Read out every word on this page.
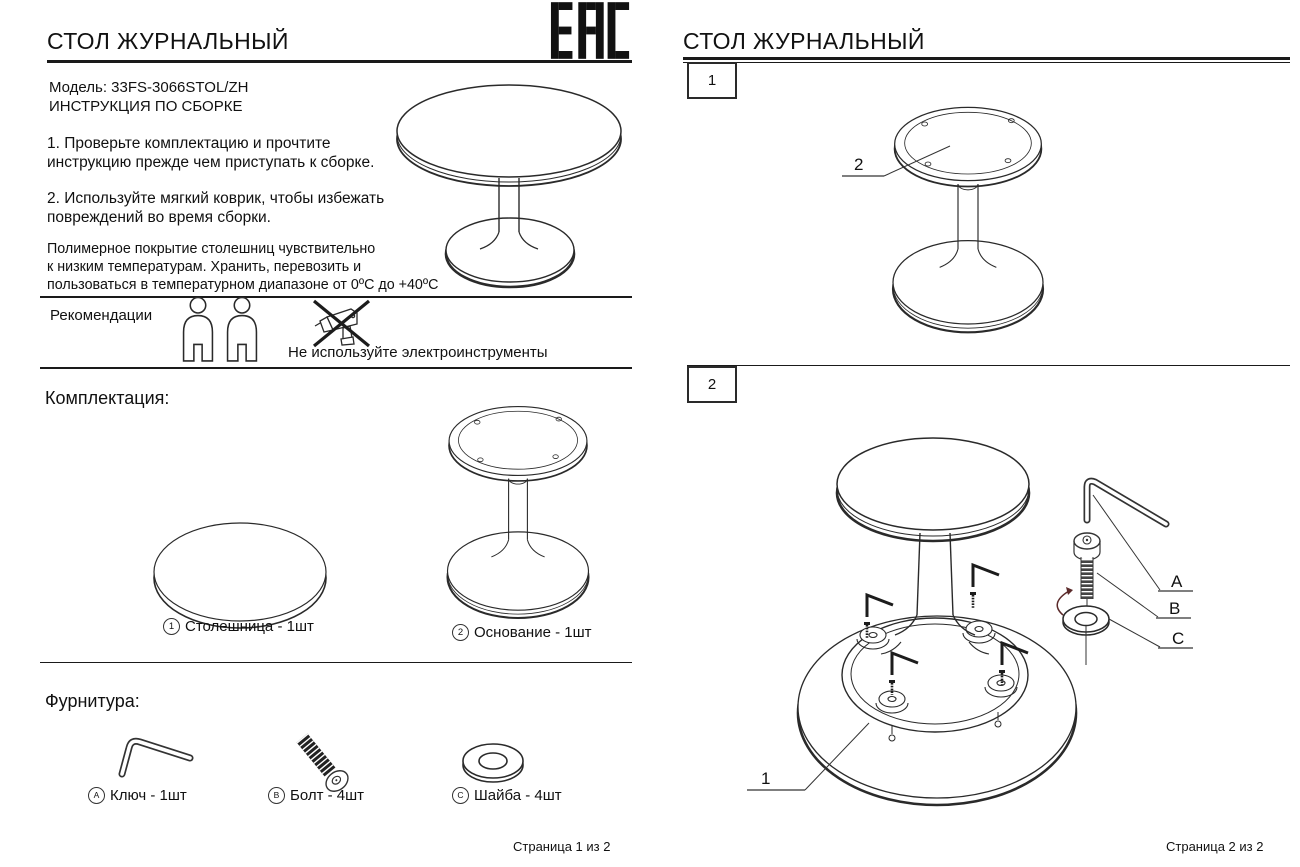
СТОЛ ЖУРНАЛЬНЫЙ
Модель: 33FS-3066STOL/ZH
ИНСТРУКЦИЯ ПО СБОРКЕ
1. Проверьте комплектацию и прочтите
инструкцию прежде чем приступать к сборке.
2. Используйте мягкий коврик, чтобы избежать
повреждений во время сборки.
Полимерное покрытие столешниц чувствительно
к низким температурам. Хранить, перевозить и
пользоваться в температурном диапазоне от 0ºС до +40ºС
Рекомендации
Не используйте электроинструменты
Комплектация:
1 Столешница - 1шт	2 Основание - 1шт
Фурнитура:
A Ключ - 1шт	B Болт - 4шт	C Шайба - 4шт
Страница 1 из 2
СТОЛ ЖУРНАЛЬНЫЙ
1
2
2
A
B
C
1
Страница 2 из 2
